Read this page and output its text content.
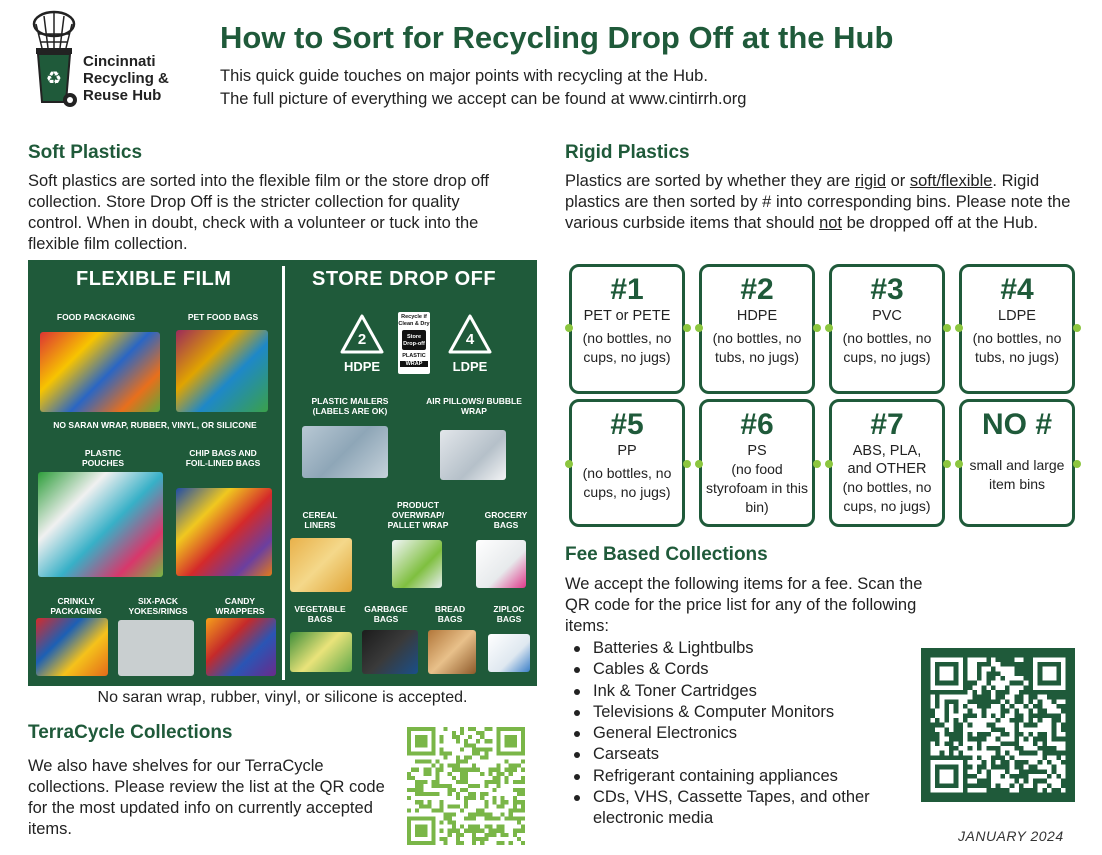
♻
Cincinnati
Recycling &
Reuse Hub
How to Sort for Recycling Drop Off at the Hub
This quick guide touches on major points with recycling at the Hub.
The full picture of everything we accept can be found at www.cintirrh.org
Soft Plastics
Soft plastics are sorted into the flexible film or the store drop off collection. Store Drop Off is the stricter collection for quality control. When in doubt, check with a volunteer or tuck into the flexible film collection.
FLEXIBLE FILM	STORE DROP OFF
FOOD PACKAGING	PET FOOD BAGS
NO SARAN WRAP, RUBBER, VINYL, OR SILICONE
PLASTIC POUCHES
CHIP BAGS AND FOIL-LINED BAGS
CRINKLY PACKAGING
SIX-PACK YOKES/RINGS
CANDY WRAPPERS
2
HDPE
Recycle if Clean & Dry
Store Drop-off
PLASTIC
WRAP
4
LDPE
PLASTIC MAILERS (LABELS ARE OK)
AIR PILLOWS/ BUBBLE WRAP
CEREAL LINERS
PRODUCT OVERWRAP/ PALLET WRAP
GROCERY BAGS
VEGETABLE BAGS
GARBAGE BAGS
BREAD BAGS
ZIPLOC BAGS
No saran wrap, rubber, vinyl, or silicone is accepted.
TerraCycle Collections
We also have shelves for our TerraCycle collections. Please review the list at the QR code for the most updated info on currently accepted items.
Rigid Plastics
Plastics are sorted by whether they are rigid or soft/flexible. Rigid plastics are then sorted by # into corresponding bins. Please note the various curbside items that should not be dropped off at the Hub.
#1
PET or PETE
(no bottles, no cups, no jugs)
#2
HDPE
(no bottles, no tubs, no jugs)
#3
PVC
(no bottles, no cups, no jugs)
#4
LDPE
(no bottles, no tubs, no jugs)
#5
PP
(no bottles, no cups, no jugs)
#6
PS
(no food styrofoam in this bin)
#7
ABS, PLA, and OTHER
(no bottles, no cups, no jugs)
NO #
small and large item bins
Fee Based Collections
We accept the following items for a fee. Scan the QR code for the price list for any of the following items:
Batteries & Lightbulbs
Cables & Cords
Ink & Toner Cartridges
Televisions & Computer Monitors
General Electronics
Carseats
Refrigerant containing appliances
CDs, VHS, Cassette Tapes, and other electronic media
JANUARY 2024
